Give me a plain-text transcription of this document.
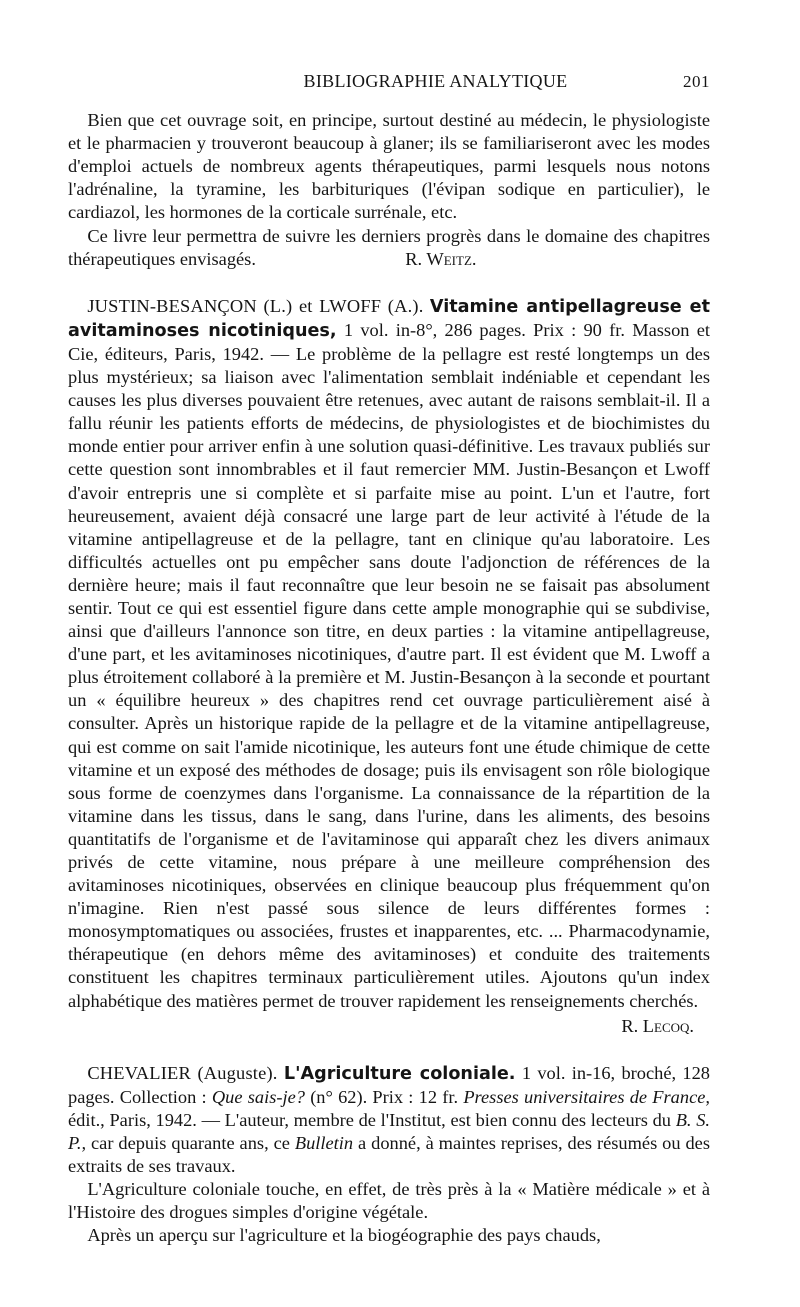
BIBLIOGRAPHIE ANALYTIQUE	201

Bien que cet ouvrage soit, en principe, surtout destiné au médecin, le physiologiste et le pharmacien y trouveront beaucoup à glaner; ils se familiariseront avec les modes d'emploi actuels de nombreux agents thérapeutiques, parmi lesquels nous notons l'adrénaline, la tyramine, les barbituriques (l'évipan sodique en particulier), le cardiazol, les hormones de la corticale surrénale, etc.

Ce livre leur permettra de suivre les derniers progrès dans le domaine des chapitres thérapeutiques envisagés.	R. Weitz.

JUSTIN-BESANÇON (L.) et LWOFF (A.). Vitamine antipellagreuse et avitaminoses nicotiniques, 1 vol. in-8°, 286 pages. Prix : 90 fr. Masson et Cie, éditeurs, Paris, 1942. — Le problème de la pellagre est resté longtemps un des plus mystérieux; sa liaison avec l'alimentation semblait indéniable et cependant les causes les plus diverses pouvaient être retenues, avec autant de raisons semblait-il. Il a fallu réunir les patients efforts de médecins, de physiologistes et de biochimistes du monde entier pour arriver enfin à une solution quasi-définitive. Les travaux publiés sur cette question sont innombrables et il faut remercier MM. Justin-Besançon et Lwoff d'avoir entrepris une si complète et si parfaite mise au point. L'un et l'autre, fort heureusement, avaient déjà consacré une large part de leur activité à l'étude de la vitamine antipellagreuse et de la pellagre, tant en clinique qu'au laboratoire. Les difficultés actuelles ont pu empêcher sans doute l'adjonction de références de la dernière heure; mais il faut reconnaître que leur besoin ne se faisait pas absolument sentir. Tout ce qui est essentiel figure dans cette ample monographie qui se subdivise, ainsi que d'ailleurs l'annonce son titre, en deux parties : la vitamine antipellagreuse, d'une part, et les avitaminoses nicotiniques, d'autre part. Il est évident que M. Lwoff a plus étroitement collaboré à la première et M. Justin-Besançon à la seconde et pourtant un « équilibre heureux » des chapitres rend cet ouvrage particulièrement aisé à consulter. Après un historique rapide de la pellagre et de la vitamine antipellagreuse, qui est comme on sait l'amide nicotinique, les auteurs font une étude chimique de cette vitamine et un exposé des méthodes de dosage; puis ils envisagent son rôle biologique sous forme de coenzymes dans l'organisme. La connaissance de la répartition de la vitamine dans les tissus, dans le sang, dans l'urine, dans les aliments, des besoins quantitatifs de l'organisme et de l'avitaminose qui apparaît chez les divers animaux privés de cette vitamine, nous prépare à une meilleure compréhension des avitaminoses nicotiniques, observées en clinique beaucoup plus fréquemment qu'on n'imagine. Rien n'est passé sous silence de leurs différentes formes : monosymptomatiques ou associées, frustes et inapparentes, etc. ... Pharmacodynamie, thérapeutique (en dehors même des avitaminoses) et conduite des traitements constituent les chapitres terminaux particulièrement utiles. Ajoutons qu'un index alphabétique des matières permet de trouver rapidement les renseignements cherchés.

R. Lecoq.

CHEVALIER (Auguste). L'Agriculture coloniale. 1 vol. in-16, broché, 128 pages. Collection : Que sais-je? (n° 62). Prix : 12 fr. Presses universitaires de France, édit., Paris, 1942. — L'auteur, membre de l'Institut, est bien connu des lecteurs du B. S. P., car depuis quarante ans, ce Bulletin a donné, à maintes reprises, des résumés ou des extraits de ses travaux.

L'Agriculture coloniale touche, en effet, de très près à la « Matière médicale » et à l'Histoire des drogues simples d'origine végétale.

Après un aperçu sur l'agriculture et la biogéographie des pays chauds,
